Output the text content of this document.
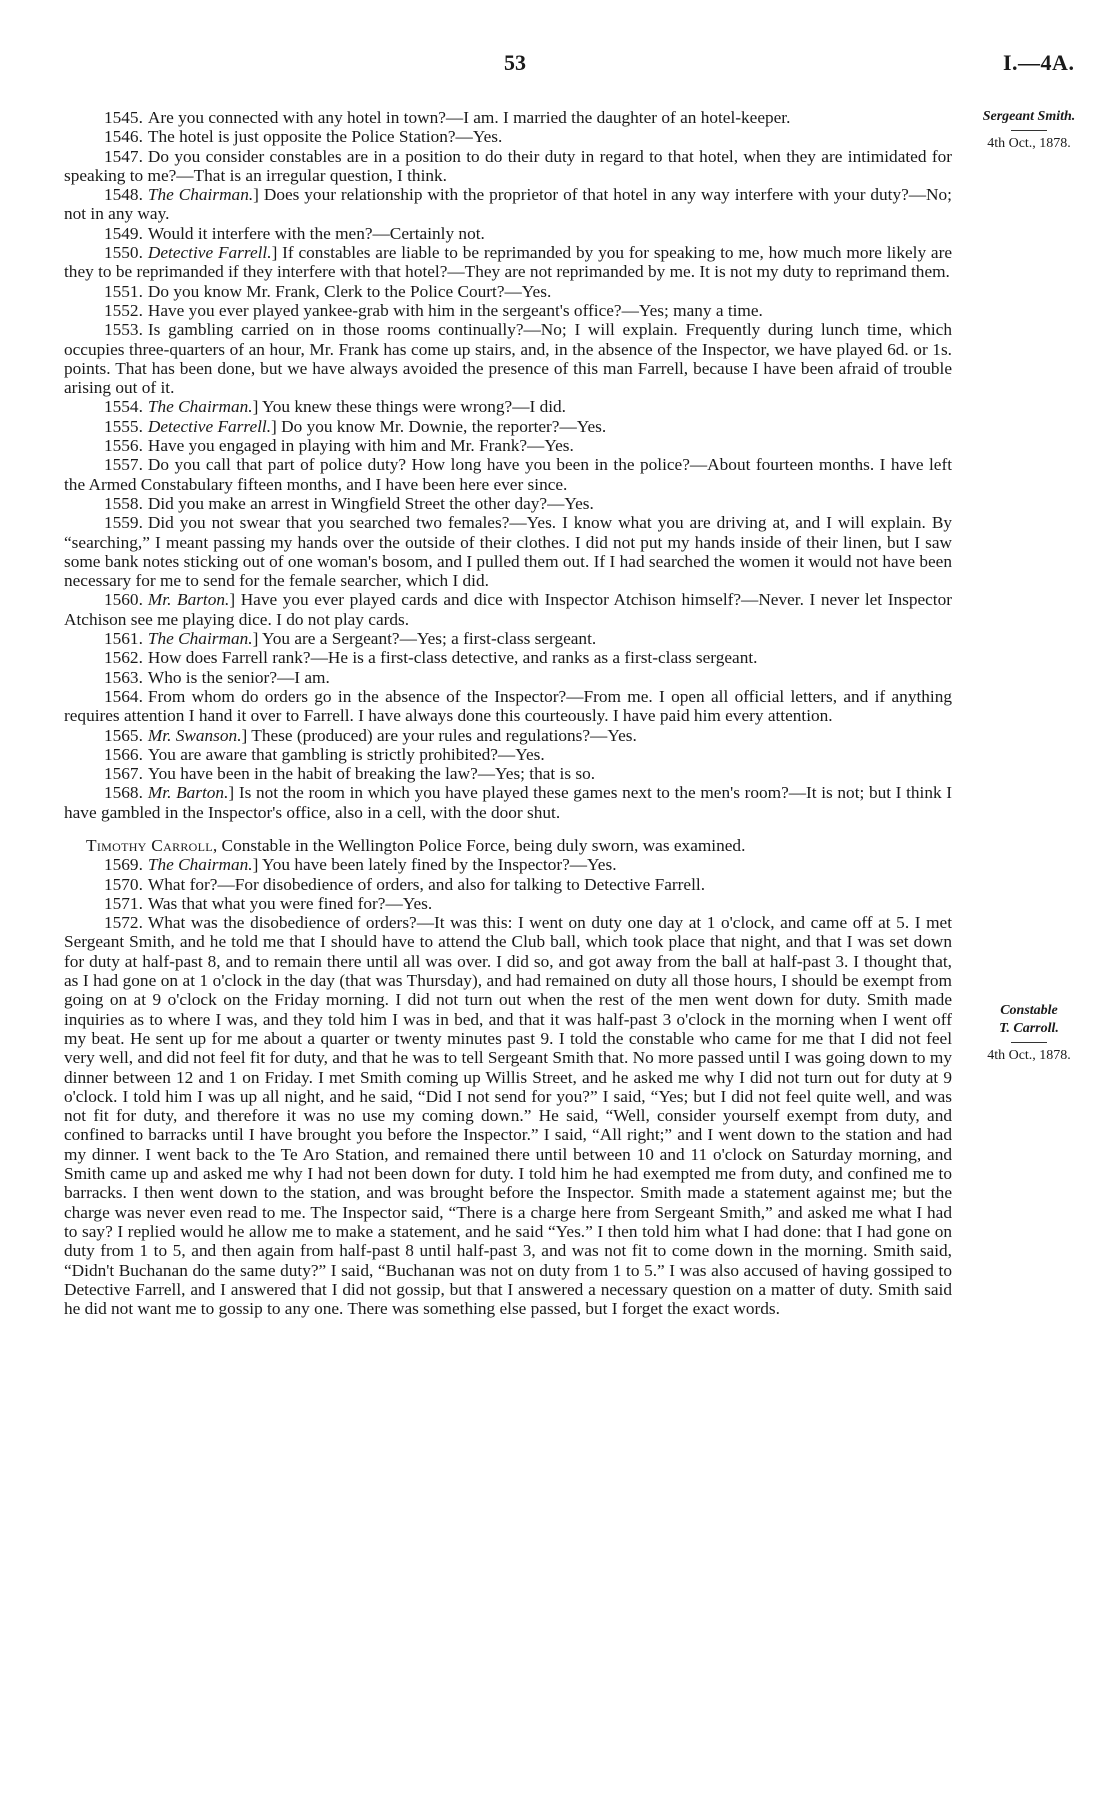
53	I.—4A.
Sergeant Smith.
4th Oct., 1878.
Constable
T. Carroll.
4th Oct., 1878.

1545. Are you connected with any hotel in town?—I am. I married the daughter of an hotel-keeper.

1546. The hotel is just opposite the Police Station?—Yes.

1547. Do you consider constables are in a position to do their duty in regard to that hotel, when they are intimidated for speaking to me?—That is an irregular question, I think.

1548. The Chairman.] Does your relationship with the proprietor of that hotel in any way interfere with your duty?—No; not in any way.

1549. Would it interfere with the men?—Certainly not.

1550. Detective Farrell.] If constables are liable to be reprimanded by you for speaking to me, how much more likely are they to be reprimanded if they interfere with that hotel?—They are not reprimanded by me. It is not my duty to reprimand them.

1551. Do you know Mr. Frank, Clerk to the Police Court?—Yes.

1552. Have you ever played yankee-grab with him in the sergeant's office?—Yes; many a time.

1553. Is gambling carried on in those rooms continually?—No; I will explain. Frequently during lunch time, which occupies three-quarters of an hour, Mr. Frank has come up stairs, and, in the absence of the Inspector, we have played 6d. or 1s. points. That has been done, but we have always avoided the presence of this man Farrell, because I have been afraid of trouble arising out of it.

1554. The Chairman.] You knew these things were wrong?—I did.

1555. Detective Farrell.] Do you know Mr. Downie, the reporter?—Yes.

1556. Have you engaged in playing with him and Mr. Frank?—Yes.

1557. Do you call that part of police duty? How long have you been in the police?—About fourteen months. I have left the Armed Constabulary fifteen months, and I have been here ever since.

1558. Did you make an arrest in Wingfield Street the other day?—Yes.

1559. Did you not swear that you searched two females?—Yes. I know what you are driving at, and I will explain. By “searching,” I meant passing my hands over the outside of their clothes. I did not put my hands inside of their linen, but I saw some bank notes sticking out of one woman's bosom, and I pulled them out. If I had searched the women it would not have been necessary for me to send for the female searcher, which I did.

1560. Mr. Barton.] Have you ever played cards and dice with Inspector Atchison himself?—Never. I never let Inspector Atchison see me playing dice. I do not play cards.

1561. The Chairman.] You are a Sergeant?—Yes; a first-class sergeant.

1562. How does Farrell rank?—He is a first-class detective, and ranks as a first-class sergeant.

1563. Who is the senior?—I am.

1564. From whom do orders go in the absence of the Inspector?—From me. I open all official letters, and if anything requires attention I hand it over to Farrell. I have always done this courteously. I have paid him every attention.

1565. Mr. Swanson.] These (produced) are your rules and regulations?—Yes.

1566. You are aware that gambling is strictly prohibited?—Yes.

1567. You have been in the habit of breaking the law?—Yes; that is so.

1568. Mr. Barton.] Is not the room in which you have played these games next to the men's room?—It is not; but I think I have gambled in the Inspector's office, also in a cell, with the door shut.

Timothy Carroll, Constable in the Wellington Police Force, being duly sworn, was examined.

1569. The Chairman.] You have been lately fined by the Inspector?—Yes.

1570. What for?—For disobedience of orders, and also for talking to Detective Farrell.

1571. Was that what you were fined for?—Yes.

1572. What was the disobedience of orders?—It was this: I went on duty one day at 1 o'clock, and came off at 5. I met Sergeant Smith, and he told me that I should have to attend the Club ball, which took place that night, and that I was set down for duty at half-past 8, and to remain there until all was over. I did so, and got away from the ball at half-past 3. I thought that, as I had gone on at 1 o'clock in the day (that was Thursday), and had remained on duty all those hours, I should be exempt from going on at 9 o'clock on the Friday morning. I did not turn out when the rest of the men went down for duty. Smith made inquiries as to where I was, and they told him I was in bed, and that it was half-past 3 o'clock in the morning when I went off my beat. He sent up for me about a quarter or twenty minutes past 9. I told the constable who came for me that I did not feel very well, and did not feel fit for duty, and that he was to tell Sergeant Smith that. No more passed until I was going down to my dinner between 12 and 1 on Friday. I met Smith coming up Willis Street, and he asked me why I did not turn out for duty at 9 o'clock. I told him I was up all night, and he said, “Did I not send for you?” I said, “Yes; but I did not feel quite well, and was not fit for duty, and therefore it was no use my coming down.” He said, “Well, consider yourself exempt from duty, and confined to barracks until I have brought you before the Inspector.” I said, “All right;” and I went down to the station and had my dinner. I went back to the Te Aro Station, and remained there until between 10 and 11 o'clock on Saturday morning, and Smith came up and asked me why I had not been down for duty. I told him he had exempted me from duty, and confined me to barracks. I then went down to the station, and was brought before the Inspector. Smith made a statement against me; but the charge was never even read to me. The Inspector said, “There is a charge here from Sergeant Smith,” and asked me what I had to say? I replied would he allow me to make a statement, and he said “Yes.” I then told him what I had done: that I had gone on duty from 1 to 5, and then again from half-past 8 until half-past 3, and was not fit to come down in the morning. Smith said, “Didn't Buchanan do the same duty?” I said, “Buchanan was not on duty from 1 to 5.” I was also accused of having gossiped to Detective Farrell, and I answered that I did not gossip, but that I answered a necessary question on a matter of duty. Smith said he did not want me to gossip to any one. There was something else passed, but I forget the exact words.
